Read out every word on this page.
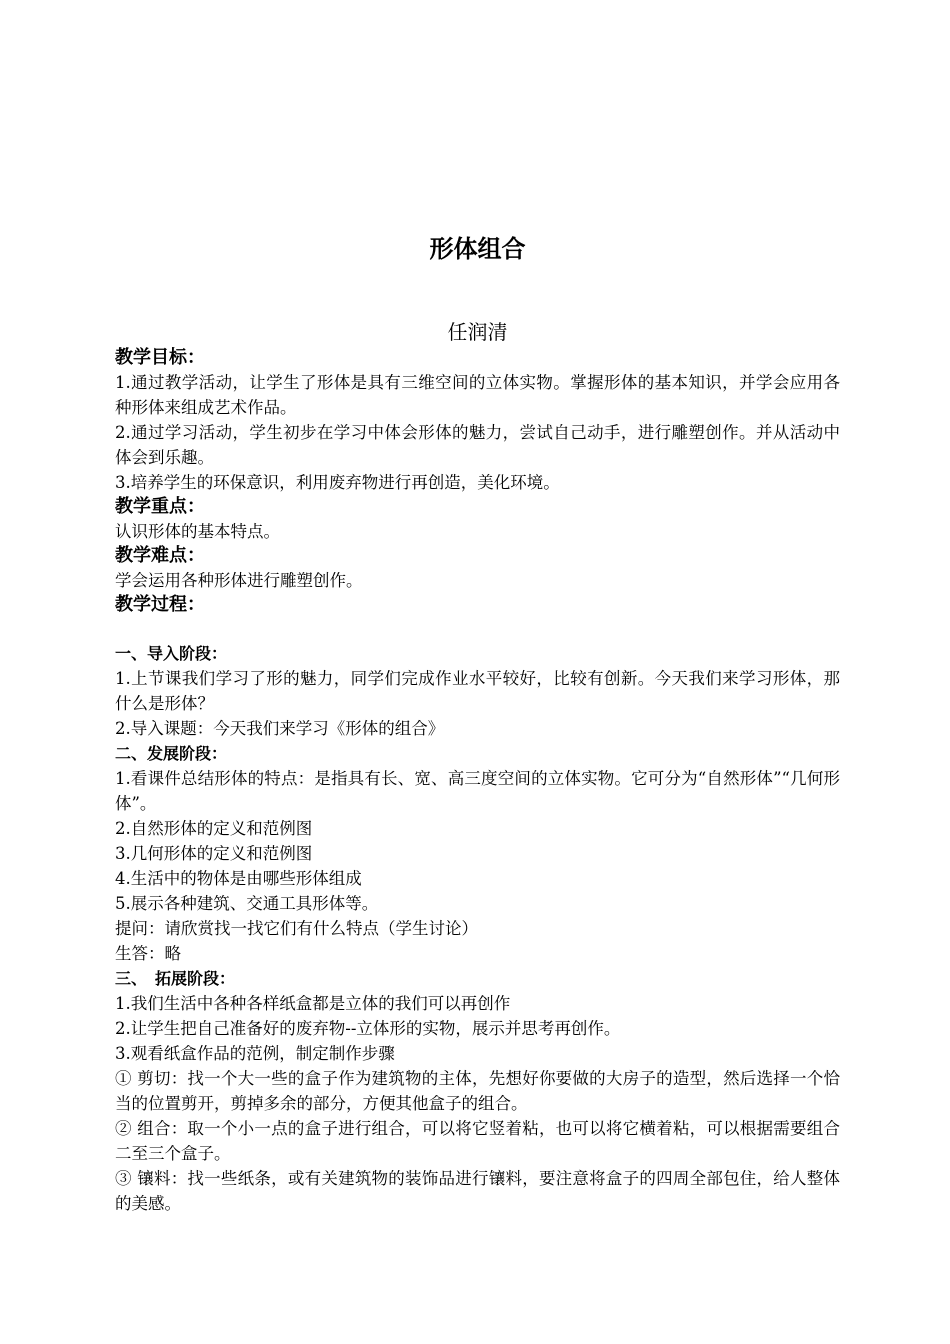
形体组合

任润清

教学目标：

1.通过教学活动，让学生了形体是具有三维空间的立体实物。掌握形体的基本知识，并学会应用各种形体来组成艺术作品。

2.通过学习活动，学生初步在学习中体会形体的魅力，尝试自己动手，进行雕塑创作。并从活动中体会到乐趣。

3.培养学生的环保意识，利用废弃物进行再创造，美化环境。

教学重点：

认识形体的基本特点。

教学难点：

学会运用各种形体进行雕塑创作。

教学过程：

一、导入阶段：

1.上节课我们学习了形的魅力，同学们完成作业水平较好，比较有创新。今天我们来学习形体，那什么是形体？

2.导入课题：今天我们来学习《形体的组合》

二、发展阶段：

1.看课件总结形体的特点：是指具有长、宽、高三度空间的立体实物。它可分为“自然形体”“几何形体”。

2.自然形体的定义和范例图

3.几何形体的定义和范例图

4.生活中的物体是由哪些形体组成

5.展示各种建筑、交通工具形体等。

提问：请欣赏找一找它们有什么特点（学生讨论）

生答：略

三、　拓展阶段：

1.我们生活中各种各样纸盒都是立体的我们可以再创作

2.让学生把自己准备好的废弃物--立体形的实物，展示并思考再创作。

3.观看纸盒作品的范例，制定制作步骤

① 剪切：找一个大一些的盒子作为建筑物的主体，先想好你要做的大房子的造型，然后选择一个恰当的位置剪开，剪掉多余的部分，方便其他盒子的组合。

② 组合：取一个小一点的盒子进行组合，可以将它竖着粘，也可以将它横着粘，可以根据需要组合二至三个盒子。

③ 镶料：找一些纸条，或有关建筑物的装饰品进行镶料，要注意将盒子的四周全部包住，给人整体的美感。
